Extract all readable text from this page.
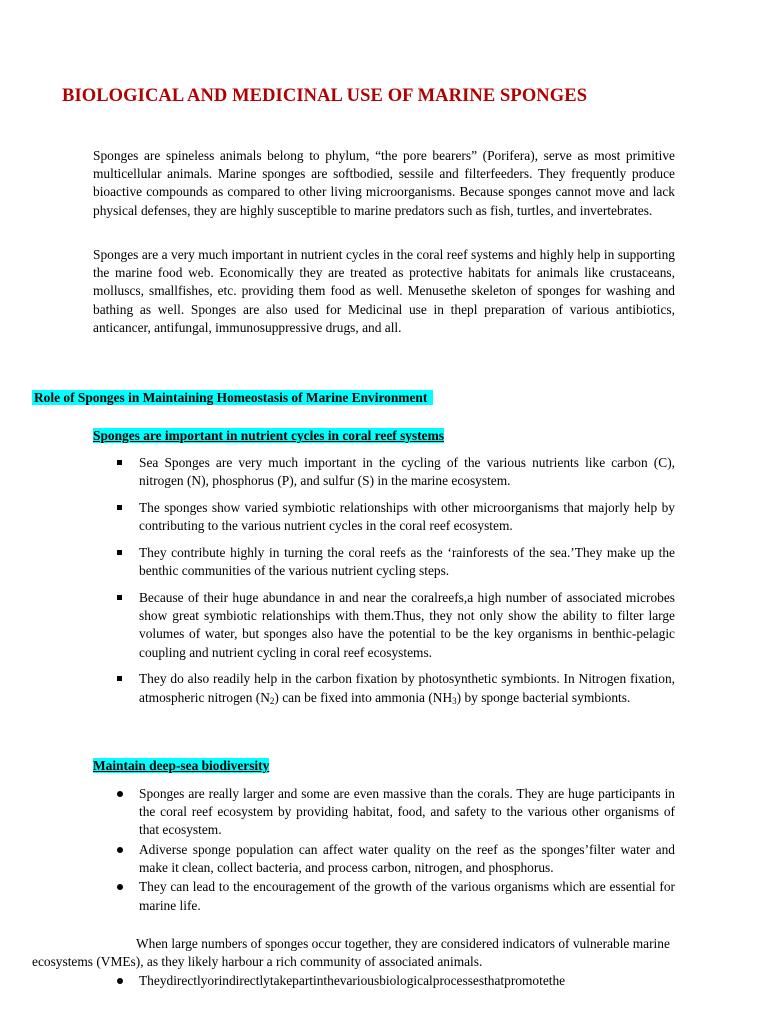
BIOLOGICAL AND MEDICINAL USE OF MARINE SPONGES

Sponges are spineless animals belong to phylum, “the pore bearers” (Porifera), serve as most primitive multicellular animals. Marine sponges are softbodied, sessile and filterfeeders. They frequently produce bioactive compounds as compared to other living microorganisms. Because sponges cannot move and lack physical defenses, they are highly susceptible to marine predators such as fish, turtles, and invertebrates.

Sponges are a very much important in nutrient cycles in the coral reef systems and highly help in supporting the marine food web. Economically they are treated as protective habitats for animals like crustaceans, molluscs, smallfishes, etc. providing them food as well. Menusethe skeleton of sponges for washing and bathing as well. Sponges are also used for Medicinal use in thepl preparation of various antibiotics, anticancer, antifungal, immunosuppressive drugs, and all.

Role of Sponges in Maintaining Homeostasis of Marine Environment
Sponges are important in nutrient cycles in coral reef systems
Sea Sponges are very much important in the cycling of the various nutrients like carbon (C), nitrogen (N), phosphorus (P), and sulfur (S) in the marine ecosystem.
The sponges show varied symbiotic relationships with other microorganisms that majorly help by contributing to the various nutrient cycles in the coral reef ecosystem.
They contribute highly in turning the coral reefs as the ‘rainforests of the sea.’They make up the benthic communities of the various nutrient cycling steps.
Because of their huge abundance in and near the coralreefs,a high number of associated microbes show great symbiotic relationships with them.Thus, they not only show the ability to filter large volumes of water, but sponges also have the potential to be the key organisms in benthic-pelagic coupling and nutrient cycling in coral reef ecosystems.
They do also readily help in the carbon fixation by photosynthetic symbionts. In Nitrogen fixation, atmospheric nitrogen $(N_2)$ can be fixed into ammonia $(NH_3)$ by sponge bacterial symbionts.
Maintain deep-sea biodiversity
Sponges are really larger and some are even massive than the corals. They are huge participants in the coral reef ecosystem by providing habitat, food, and safety to the various other organisms of that ecosystem.
Adiverse sponge population can affect water quality on the reef as the sponges’filter water and make it clean, collect bacteria, and process carbon, nitrogen, and phosphorus.
They can lead to the encouragement of the growth of the various organisms which are essential for marine life.

When large numbers of sponges occur together, they are considered indicators of vulnerable marine ecosystems (VMEs), as they likely harbour a rich community of associated animals.

Theydirectlyorindirectlytakepartinthevariousbiologicalprocessesthatpromotethe
